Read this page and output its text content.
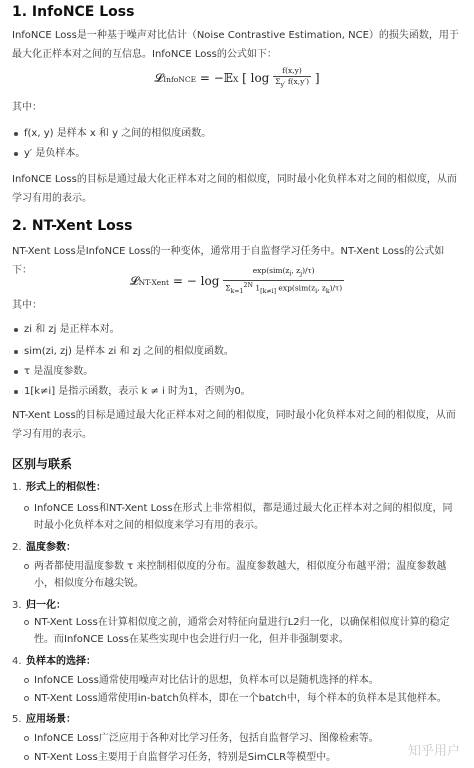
1. InfoNCE Loss
InfoNCE Loss是一种基于噪声对比估计（Noise Contrastive Estimation, NCE）的损失函数，用于最大化正样本对之间的互信息。InfoNCE Loss的公式如下：
𝓛InfoNCE = −𝔼X [ $\log \frac{f(x,y)}{\Sigma_{y'} f(x,y')}$ ]
其中：
f(x, y) 是样本 x 和 y 之间的相似度函数。
y′ 是负样本。
InfoNCE Loss的目标是通过最大化正样本对之间的相似度，同时最小化负样本对之间的相似度，从而学习有用的表示。
2. NT-Xent Loss
NT-Xent Loss是InfoNCE Loss的一种变体，通常用于自监督学习任务中。NT-Xent Loss的公式如下：
𝓛NT-Xent = − $\log \frac{\exp(sim(z_i, z_j)/\tau)}{\Sigma_{k=1}^{2N} 1_{[k\ne i]} \exp(sim(z_i, z_k)/\tau)}$
其中：
zi 和 zj 是正样本对。
sim(zi, zj) 是样本 zi 和 zj 之间的相似度函数。
τ 是温度参数。
1[k≠i] 是指示函数，表示 k ≠ i 时为1，否则为0。
NT-Xent Loss的目标是通过最大化正样本对之间的相似度，同时最小化负样本对之间的相似度，从而学习有用的表示。
区别与联系
1. 形式上的相似性：
InfoNCE Loss和NT-Xent Loss在形式上非常相似，都是通过最大化正样本对之间的相似度，同时最小化负样本对之间的相似度来学习有用的表示。
2. 温度参数：
两者都使用温度参数 τ 来控制相似度的分布。温度参数越大，相似度分布越平滑；温度参数越小，相似度分布越尖锐。
3. 归一化：
NT-Xent Loss在计算相似度之前，通常会对特征向量进行L2归一化，以确保相似度计算的稳定性。而InfoNCE Loss在某些实现中也会进行归一化，但并非强制要求。
4. 负样本的选择：
InfoNCE Loss通常使用噪声对比估计的思想，负样本可以是随机选择的样本。
NT-Xent Loss通常使用in-batch负样本，即在一个batch中，每个样本的负样本是其他样本。
5. 应用场景：
InfoNCE Loss广泛应用于各种对比学习任务，包括自监督学习、图像检索等。
NT-Xent Loss主要用于自监督学习任务，特别是SimCLR等模型中。	知乎用户
